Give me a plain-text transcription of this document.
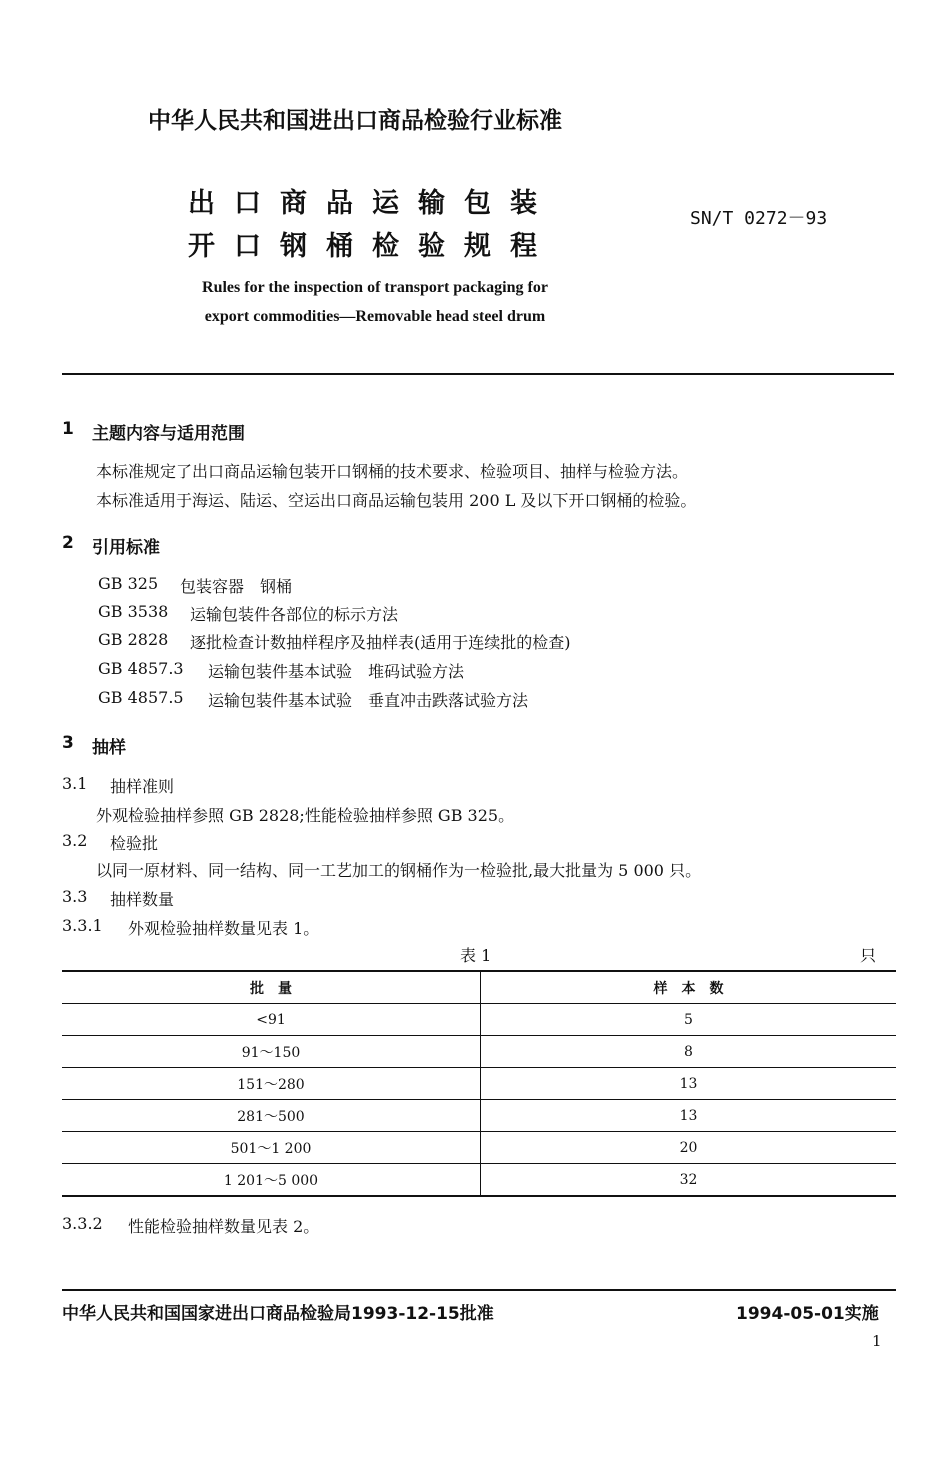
中华人民共和国进出口商品检验行业标准
出口商品运输包装
开口钢桶检验规程
SN/T 0272－93
Rules for the inspection of transport packaging for
export commodities—Removable head steel drum
1 主题内容与适用范围
本标准规定了出口商品运输包装开口钢桶的技术要求、检验项目、抽样与检验方法。
本标准适用于海运、陆运、空运出口商品运输包装用 200 L 及以下开口钢桶的检验。
2 引用标准
GB 325 包装容器　钢桶
GB 3538 运输包装件各部位的标示方法
GB 2828 逐批检查计数抽样程序及抽样表(适用于连续批的检查)
GB 4857.3 运输包装件基本试验　堆码试验方法
GB 4857.5 运输包装件基本试验　垂直冲击跌落试验方法
3 抽样
3.1 抽样准则
外观检验抽样参照 GB 2828;性能检验抽样参照 GB 325。
3.2 检验批
以同一原材料、同一结构、同一工艺加工的钢桶作为一检验批,最大批量为 5 000 只。
3.3 抽样数量
3.3.1 外观检验抽样数量见表 1。
表 1	只
批　量	样　本　数
<91	5
91～150	8
151～280	13
281～500	13
501～1 200	20
1 201～5 000	32
3.3.2 性能检验抽样数量见表 2。
中华人民共和国国家进出口商品检验局1993-12-15批准	1994-05-01实施
1
